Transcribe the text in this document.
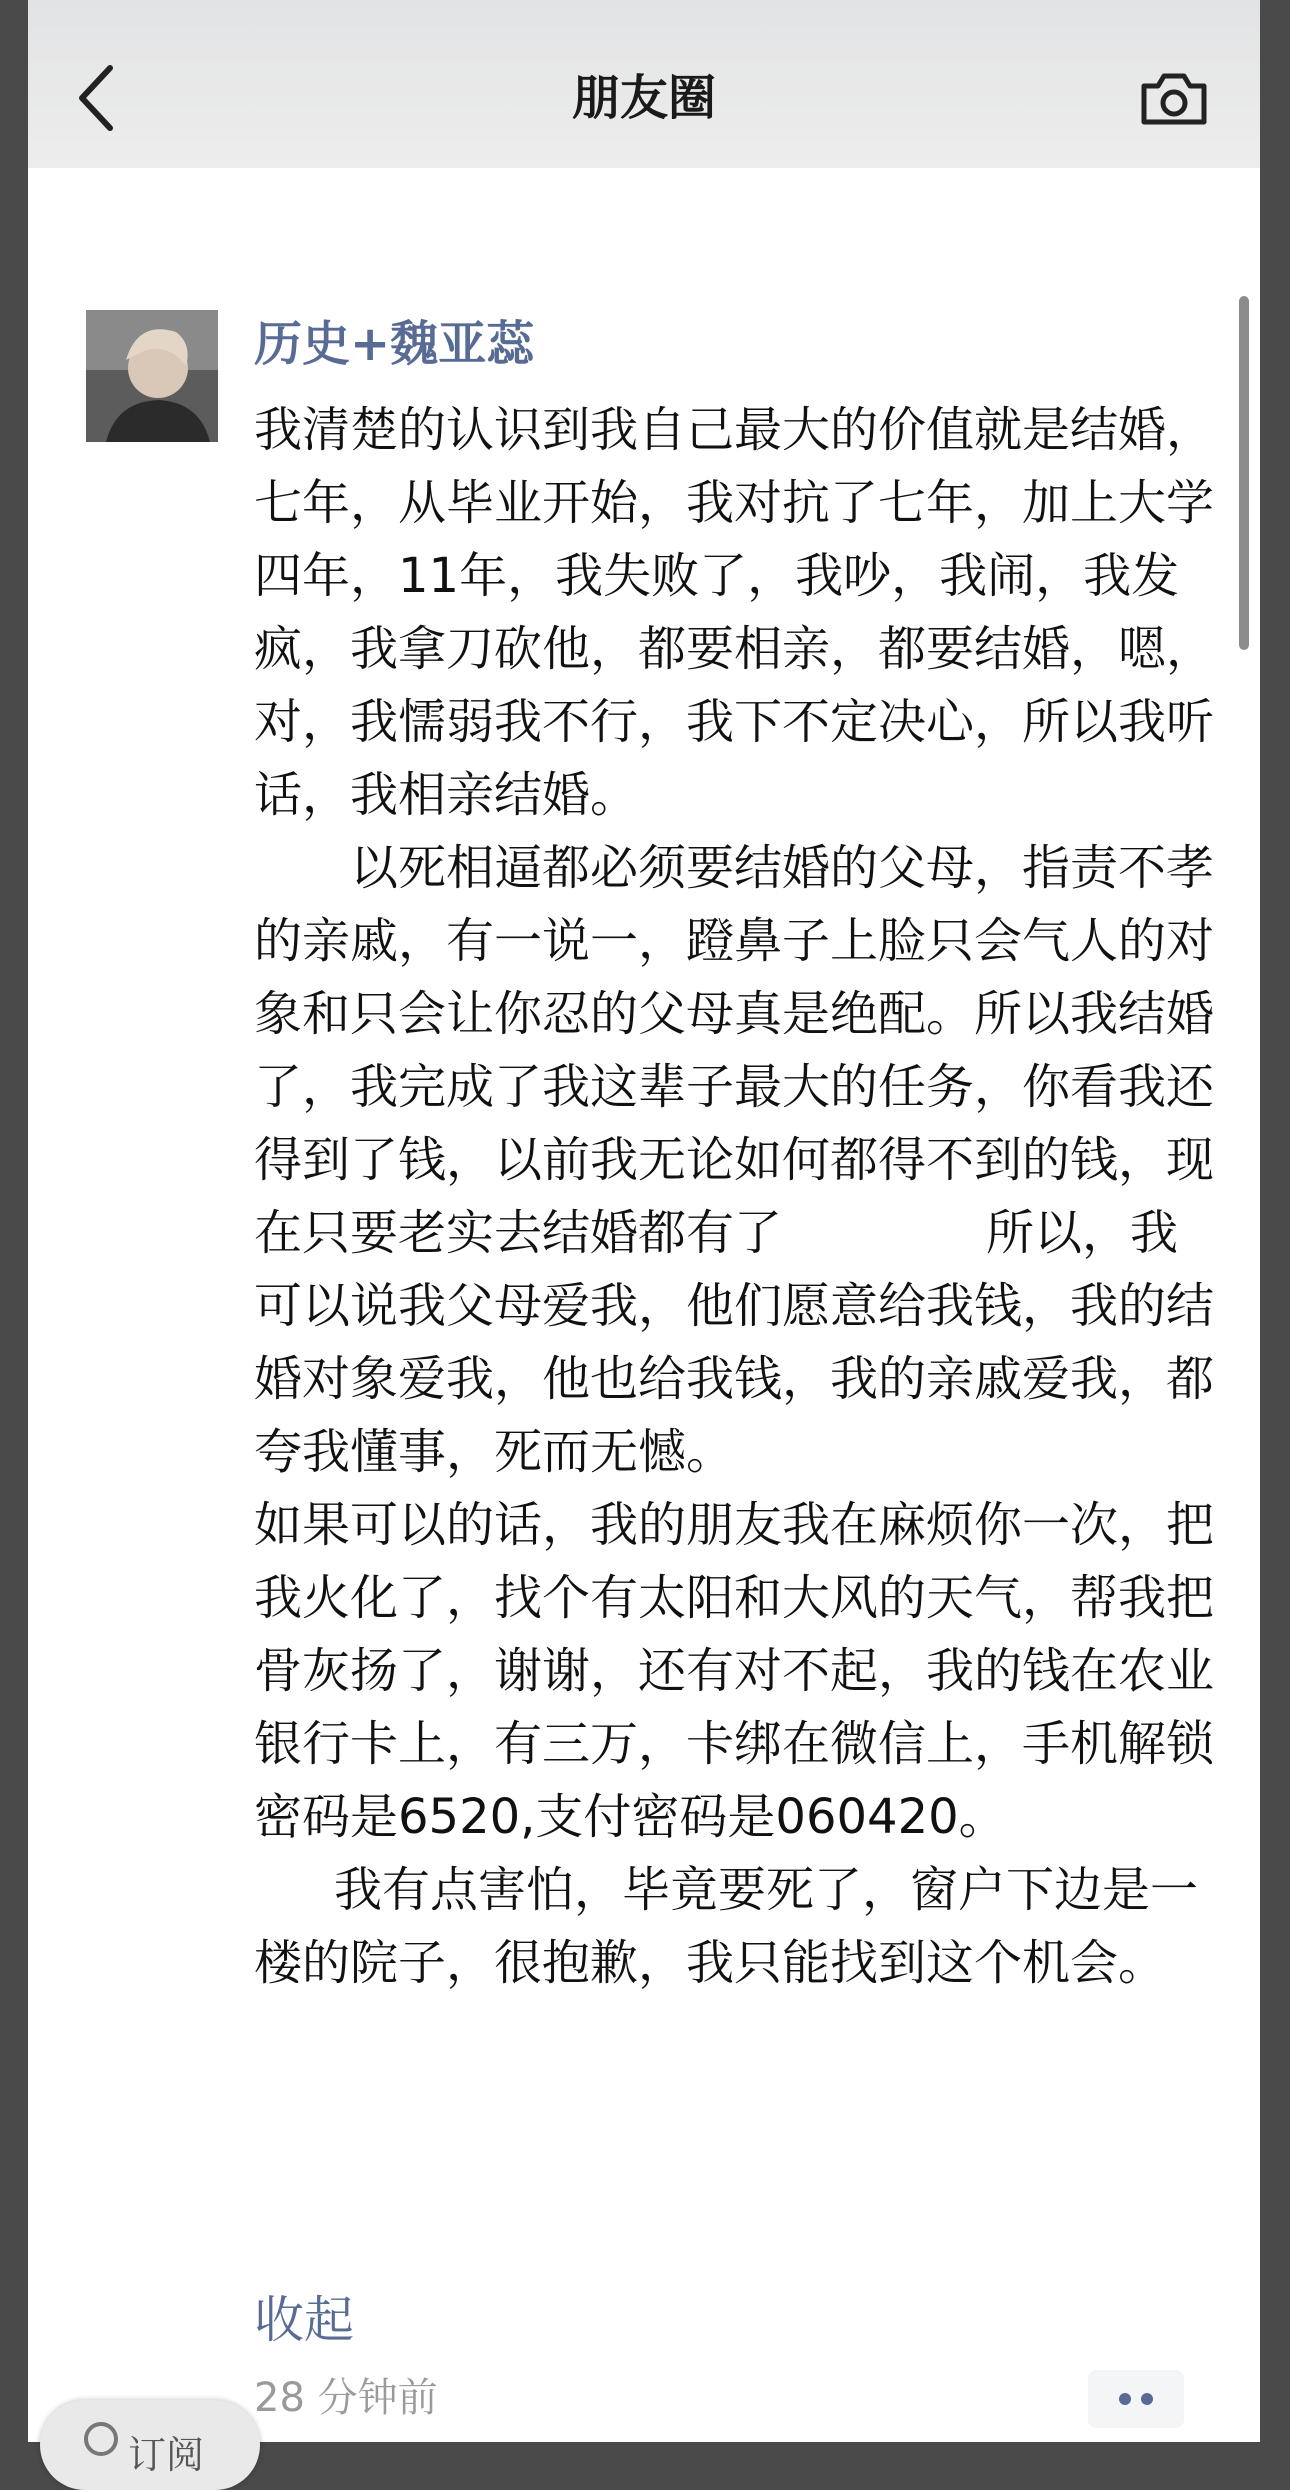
朋友圈
历史+魏亚蕊

我清楚的认识到我自己最大的价值就是结婚，七年，从毕业开始，我对抗了七年，加上大学四年，11年，我失败了，我吵，我闹，我发疯，我拿刀砍他，都要相亲，都要结婚，嗯，对，我懦弱我不行，我下不定决心，所以我听话，我相亲结婚。

以死相逼都必须要结婚的父母，指责不孝的亲戚，有一说一，蹬鼻子上脸只会气人的对象和只会让你忍的父母真是绝配。所以我结婚了，我完成了我这辈子最大的任务，你看我还得到了钱，以前我无论如何都得不到的钱，现在只要老实去结婚都有了	所以，我可以说我父母爱我，他们愿意给我钱，我的结婚对象爱我，他也给我钱，我的亲戚爱我，都夸我懂事，死而无憾。

如果可以的话，我的朋友我在麻烦你一次，把我火化了，找个有太阳和大风的天气，帮我把骨灰扬了，谢谢，还有对不起，我的钱在农业银行卡上，有三万，卡绑在微信上，手机解锁密码是6520,支付密码是060420。

我有点害怕，毕竟要死了，窗户下边是一楼的院子，很抱歉，我只能找到这个机会。

收起
28 分钟前
订阅
